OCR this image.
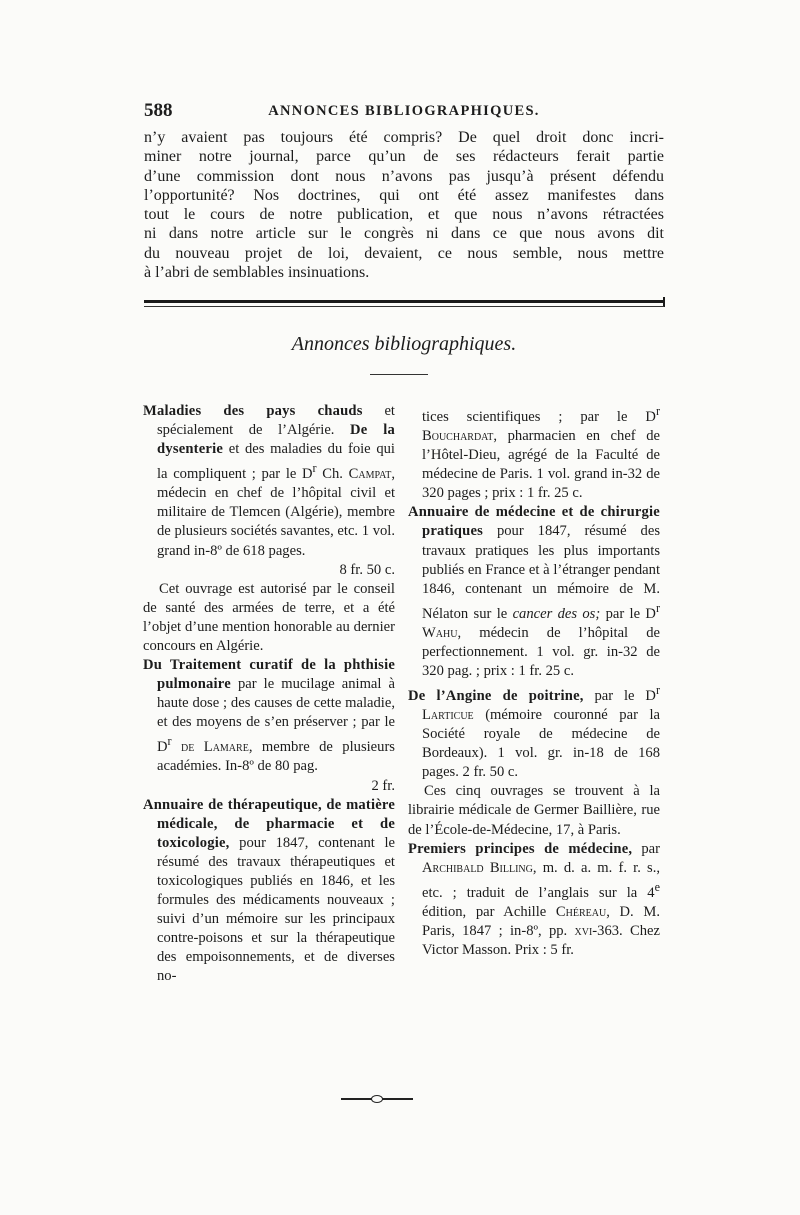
588	ANNONCES BIBLIOGRAPHIQUES.
n’y avaient pas toujours été compris? De quel droit donc incri-
miner notre journal, parce qu’un de ses rédacteurs ferait partie
d’une commission dont nous n’avons pas jusqu’à présent défendu
l’opportunité? Nos doctrines, qui ont été assez manifestes dans
tout le cours de notre publication, et que nous n’avons rétractées
ni dans notre article sur le congrès ni dans ce que nous avons dit
du nouveau projet de loi, devaient, ce nous semble, nous mettre
à l’abri de semblables insinuations.
Annonces bibliographiques.

Maladies des pays chauds et spécialement de l’Algérie. De la dysenterie et des maladies du foie qui la compliquent ; par le $D^r$ Ch. Campat, médecin en chef de l’hôpital civil et militaire de Tlemcen (Algérie), membre de plusieurs sociétés savantes, etc. 1 vol. grand in-8º de 618 pages.
8 fr. 50 c.

Cet ouvrage est autorisé par le conseil de santé des armées de terre, et a été l’objet d’une mention honorable au dernier concours en Algérie.

Du Traitement curatif de la phthisie pulmonaire par le mucilage animal à haute dose ; des causes de cette maladie, et des moyens de s’en préserver ; par le $D^r$ de Lamare, membre de plusieurs académies. In-8º de 80 pag.
2 fr.

Annuaire de thérapeutique, de matière médicale, de pharmacie et de toxicologie, pour 1847, contenant le résumé des travaux thérapeutiques et toxicologiques publiés en 1846, et les formules des médicaments nouveaux ; suivi d’un mémoire sur les principaux contre-poisons et sur la thérapeutique des empoisonnements, et de diverses no-

tices scientifiques ; par le $D^r$ Bouchardat, pharmacien en chef de l’Hôtel-Dieu, agrégé de la Faculté de médecine de Paris. 1 vol. grand in-32 de 320 pages ; prix : 1 fr. 25 c.

Annuaire de médecine et de chirurgie pratiques pour 1847, résumé des travaux pratiques les plus importants publiés en France et à l’étranger pendant 1846, contenant un mémoire de M. Nélaton sur le cancer des os; par le $D^r$ Wahu, médecin de l’hôpital de perfectionnement. 1 vol. gr. in-32 de 320 pag. ; prix : 1 fr. 25 c.

De l’Angine de poitrine, par le $D^r$ Larticue (mémoire couronné par la Société royale de médecine de Bordeaux). 1 vol. gr. in-18 de 168 pages. 2 fr. 50 c.

Ces cinq ouvrages se trouvent à la librairie médicale de Germer Baillière, rue de l’École-de-Médecine, 17, à Paris.

Premiers principes de médecine, par Archibald Billing, m. d. a. m. f. r. s., etc. ; traduit de l’anglais sur la 4e édition, par Achille Chéreau, D. M. Paris, 1847 ; in-8º, pp. xvi-363. Chez Victor Masson. Prix : 5 fr.
